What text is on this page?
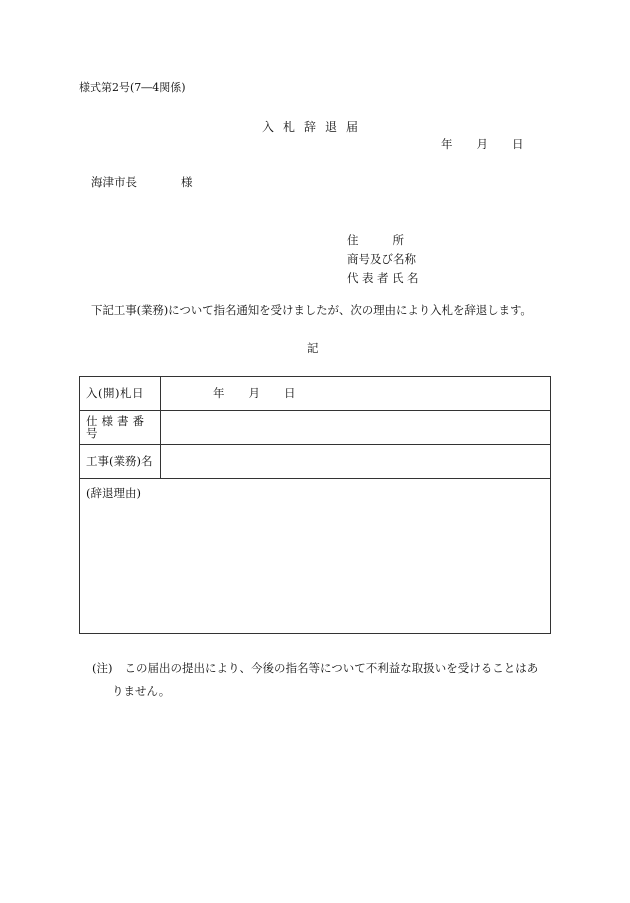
様式第2号(7―4関係)
入札辞退届
年 月 日
海津市長	様
住所
商号及び名称
代表者氏名
下記工事(業務)について指名通知を受けましたが、次の理由により入札を辞退します。
記
入(開)札日	年 月 日
仕様書番号	
工事(業務)名	
(辞退理由)	
(注) この届出の提出により、今後の指名等について不利益な取扱いを受けることはあ
りません。
